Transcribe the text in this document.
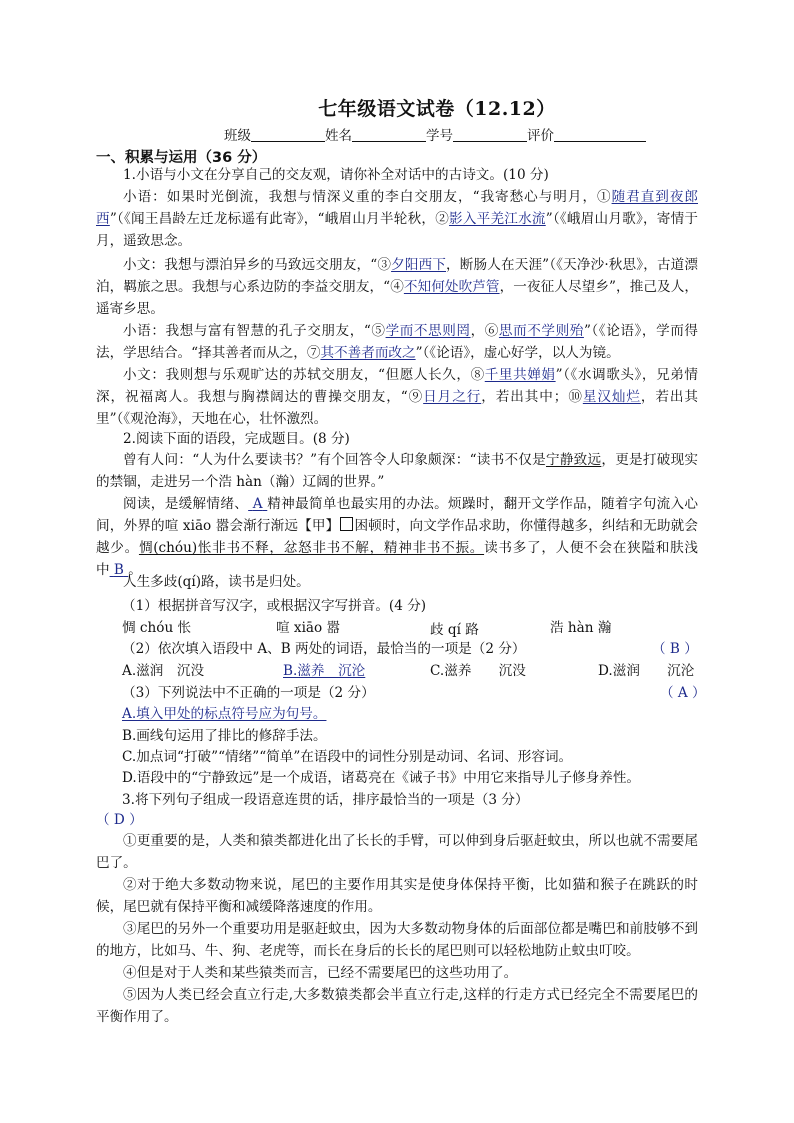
七年级语文试卷（12.12）
班级	姓名	学号	评价
一、积累与运用（36 分）
1.小语与小文在分享自己的交友观，请你补全对话中的古诗文。(10 分)
小语：如果时光倒流，我想与情深义重的李白交朋友，“我寄愁心与明月，①随君直到夜郎西”（《闻王昌龄左迁龙标遥有此寄》，“峨眉山月半轮秋，②影入平羌江水流”（《峨眉山月歌》，寄情于月，遥致思念。
小文：我想与漂泊异乡的马致远交朋友，“③夕阳西下，断肠人在天涯”（《天净沙·秋思》，古道漂泊，羁旅之思。我想与心系边防的李益交朋友，“④不知何处吹芦管，一夜征人尽望乡”，推己及人，遥寄乡思。
小语：我想与富有智慧的孔子交朋友，“⑤学而不思则罔，⑥思而不学则殆”（《论语》，学而得法，学思结合。“择其善者而从之，⑦其不善者而改之”（《论语》，虚心好学，以人为镜。
小文：我则想与乐观旷达的苏轼交朋友，“但愿人长久，⑧千里共婵娟”（《水调歌头》，兄弟情深，祝福离人。我想与胸襟阔达的曹操交朋友，“⑨日月之行，若出其中；⑩星汉灿烂，若出其里”（《观沧海》，天地在心，壮怀激烈。
2.阅读下面的语段，完成题目。(8 分)
曾有人问：“人为什么要读书？”有个回答令人印象颇深：“读书不仅是宁静致远，更是打破现实的禁锢，走进另一个浩 hàn（瀚）辽阔的世界。”
阅读，是缓解情绪、 A 精神最简单也最实用的办法。烦躁时，翻开文学作品，随着字句流入心间，外界的喧 xiāo 嚣会渐行渐远【甲】 困顿时，向文学作品求助，你懂得越多，纠结和无助就会越少。惆(chóu)怅非书不释，忿怒非书不解，精神非书不振。读书多了，人便不会在狭隘和肤浅中 B 。
人生多歧(qí)路，读书是归处。
（1）根据拼音写汉字，或根据汉字写拼音。(4 分)
惆 chóu 怅	喧 xiāo 嚣	歧 qí 路	浩 hàn 瀚
（2）依次填入语段中 A、B 两处的词语，最恰当的一项是（2 分）	（ B ）
A.滋润　沉没	B.滋养　沉沦	C.滋养　　沉没	D.滋润　　沉沦
（3）下列说法中不正确的一项是（2 分）	（ A ）
A.填入甲处的标点符号应为句号。
B.画线句运用了排比的修辞手法。
C.加点词“打破”“情绪”“简单”在语段中的词性分别是动词、名词、形容词。
D.语段中的“宁静致远”是一个成语，诸葛亮在《诫子书》中用它来指导儿子修身养性。
3.将下列句子组成一段语意连贯的话，排序最恰当的一项是（3 分）
（ D ）
①更重要的是，人类和猿类都进化出了长长的手臂，可以伸到身后驱赶蚊虫，所以也就不需要尾巴了。
②对于绝大多数动物来说，尾巴的主要作用其实是使身体保持平衡，比如猫和猴子在跳跃的时候，尾巴就有保持平衡和减缓降落速度的作用。
③尾巴的另外一个重要功用是驱赶蚊虫，因为大多数动物身体的后面部位都是嘴巴和前肢够不到的地方，比如马、牛、狗、老虎等，而长在身后的长长的尾巴则可以轻松地防止蚊虫叮咬。
④但是对于人类和某些猿类而言，已经不需要尾巴的这些功用了。
⑤因为人类已经会直立行走,大多数猿类都会半直立行走,这样的行走方式已经完全不需要尾巴的平衡作用了。
